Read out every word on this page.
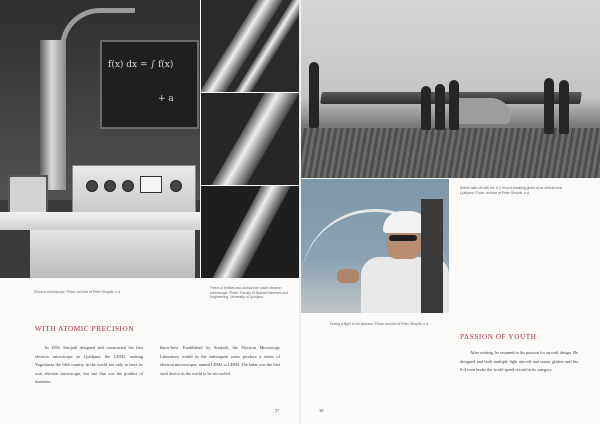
f(x) dx = ∫ f(x)
+ a
Electron microscope. Photo: archive of Peter Strojnik, n.d.
Fibers of textiles and animal hair under electron microscope. Photo: Faculty of Natural Sciences and Engineering, University of Ljubljana.
During a flight in his airplane. Photo: archive of Peter Strojnik, n.d.
Before take-off with the S-4 record-breaking glider at an airfield near Ljubljana. Photo: archive of Peter Strojnik, n.d.
WITH ATOMIC PRECISION
In 1956, Strojnik designed and constructed his first electron microscope in Ljubljana, the LEM1, making Yugoslavia the fifth country in the world not only to have its own electron microscope, but one that was the product of domestic
know-how. Established by Strojnik, the Electron Microscopy Laboratory would in the subsequent years produce a series of electron microscopes, named LEM2 to LEM4. The latter was the first such device in the world to be air cooled.
PASSION OF YOUTH
After retiring, he returned to his passion for aircraft design. He designed and built multiple light aircraft and motor gliders and his S-4 even broke the world speed record in its category.
37	38
